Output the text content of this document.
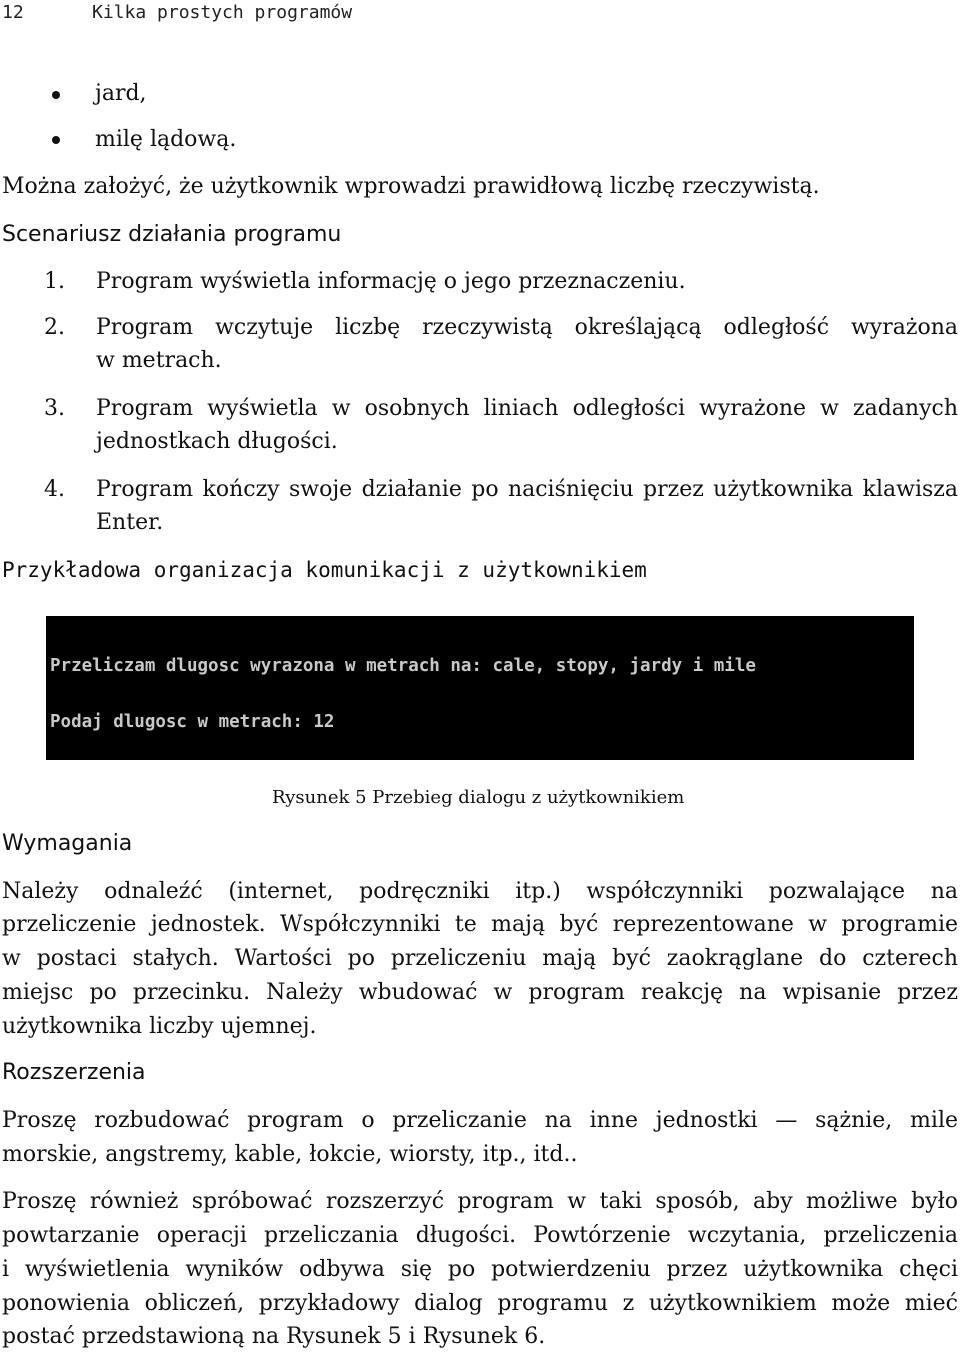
12	Kilka prostych programów
jard,
milę lądową.
Można założyć, że użytkownik wprowadzi prawidłową liczbę rzeczywistą.
Scenariusz działania programu
1.	Program wyświetla informację o jego przeznaczeniu.
2.	Program wczytuje liczbę rzeczywistą określającą odległość wyrażona
w metrach.
3.	Program wyświetla w osobnych liniach odległości wyrażone w zadanych
jednostkach długości.
4.	Program kończy swoje działanie po naciśnięciu przez użytkownika klawisza
Enter.
Przykładowa organizacja komunikacji z użytkownikiem

Przeliczam dlugosc wyrazona w metrach na: cale, stopy, jardy i mile

Podaj dlugosc w metrach: 12

Rysunek 5 Przebieg dialogu z użytkownikiem
Wymagania
Należy odnaleźć (internet, podręczniki itp.) współczynniki pozwalające na
przeliczenie jednostek. Współczynniki te mają być reprezentowane w programie
w postaci stałych. Wartości po przeliczeniu mają być zaokrąglane do czterech
miejsc po przecinku. Należy wbudować w program reakcję na wpisanie przez
użytkownika liczby ujemnej.
Rozszerzenia
Proszę rozbudować program o przeliczanie na inne jednostki — sążnie, mile
morskie, angstremy, kable, łokcie, wiorsty, itp., itd..
Proszę również spróbować rozszerzyć program w taki sposób, aby możliwe było
powtarzanie operacji przeliczania długości. Powtórzenie wczytania, przeliczenia
i wyświetlenia wyników odbywa się po potwierdzeniu przez użytkownika chęci
ponowienia obliczeń, przykładowy dialog programu z użytkownikiem może mieć
postać przedstawioną na Rysunek 5 i Rysunek 6.
